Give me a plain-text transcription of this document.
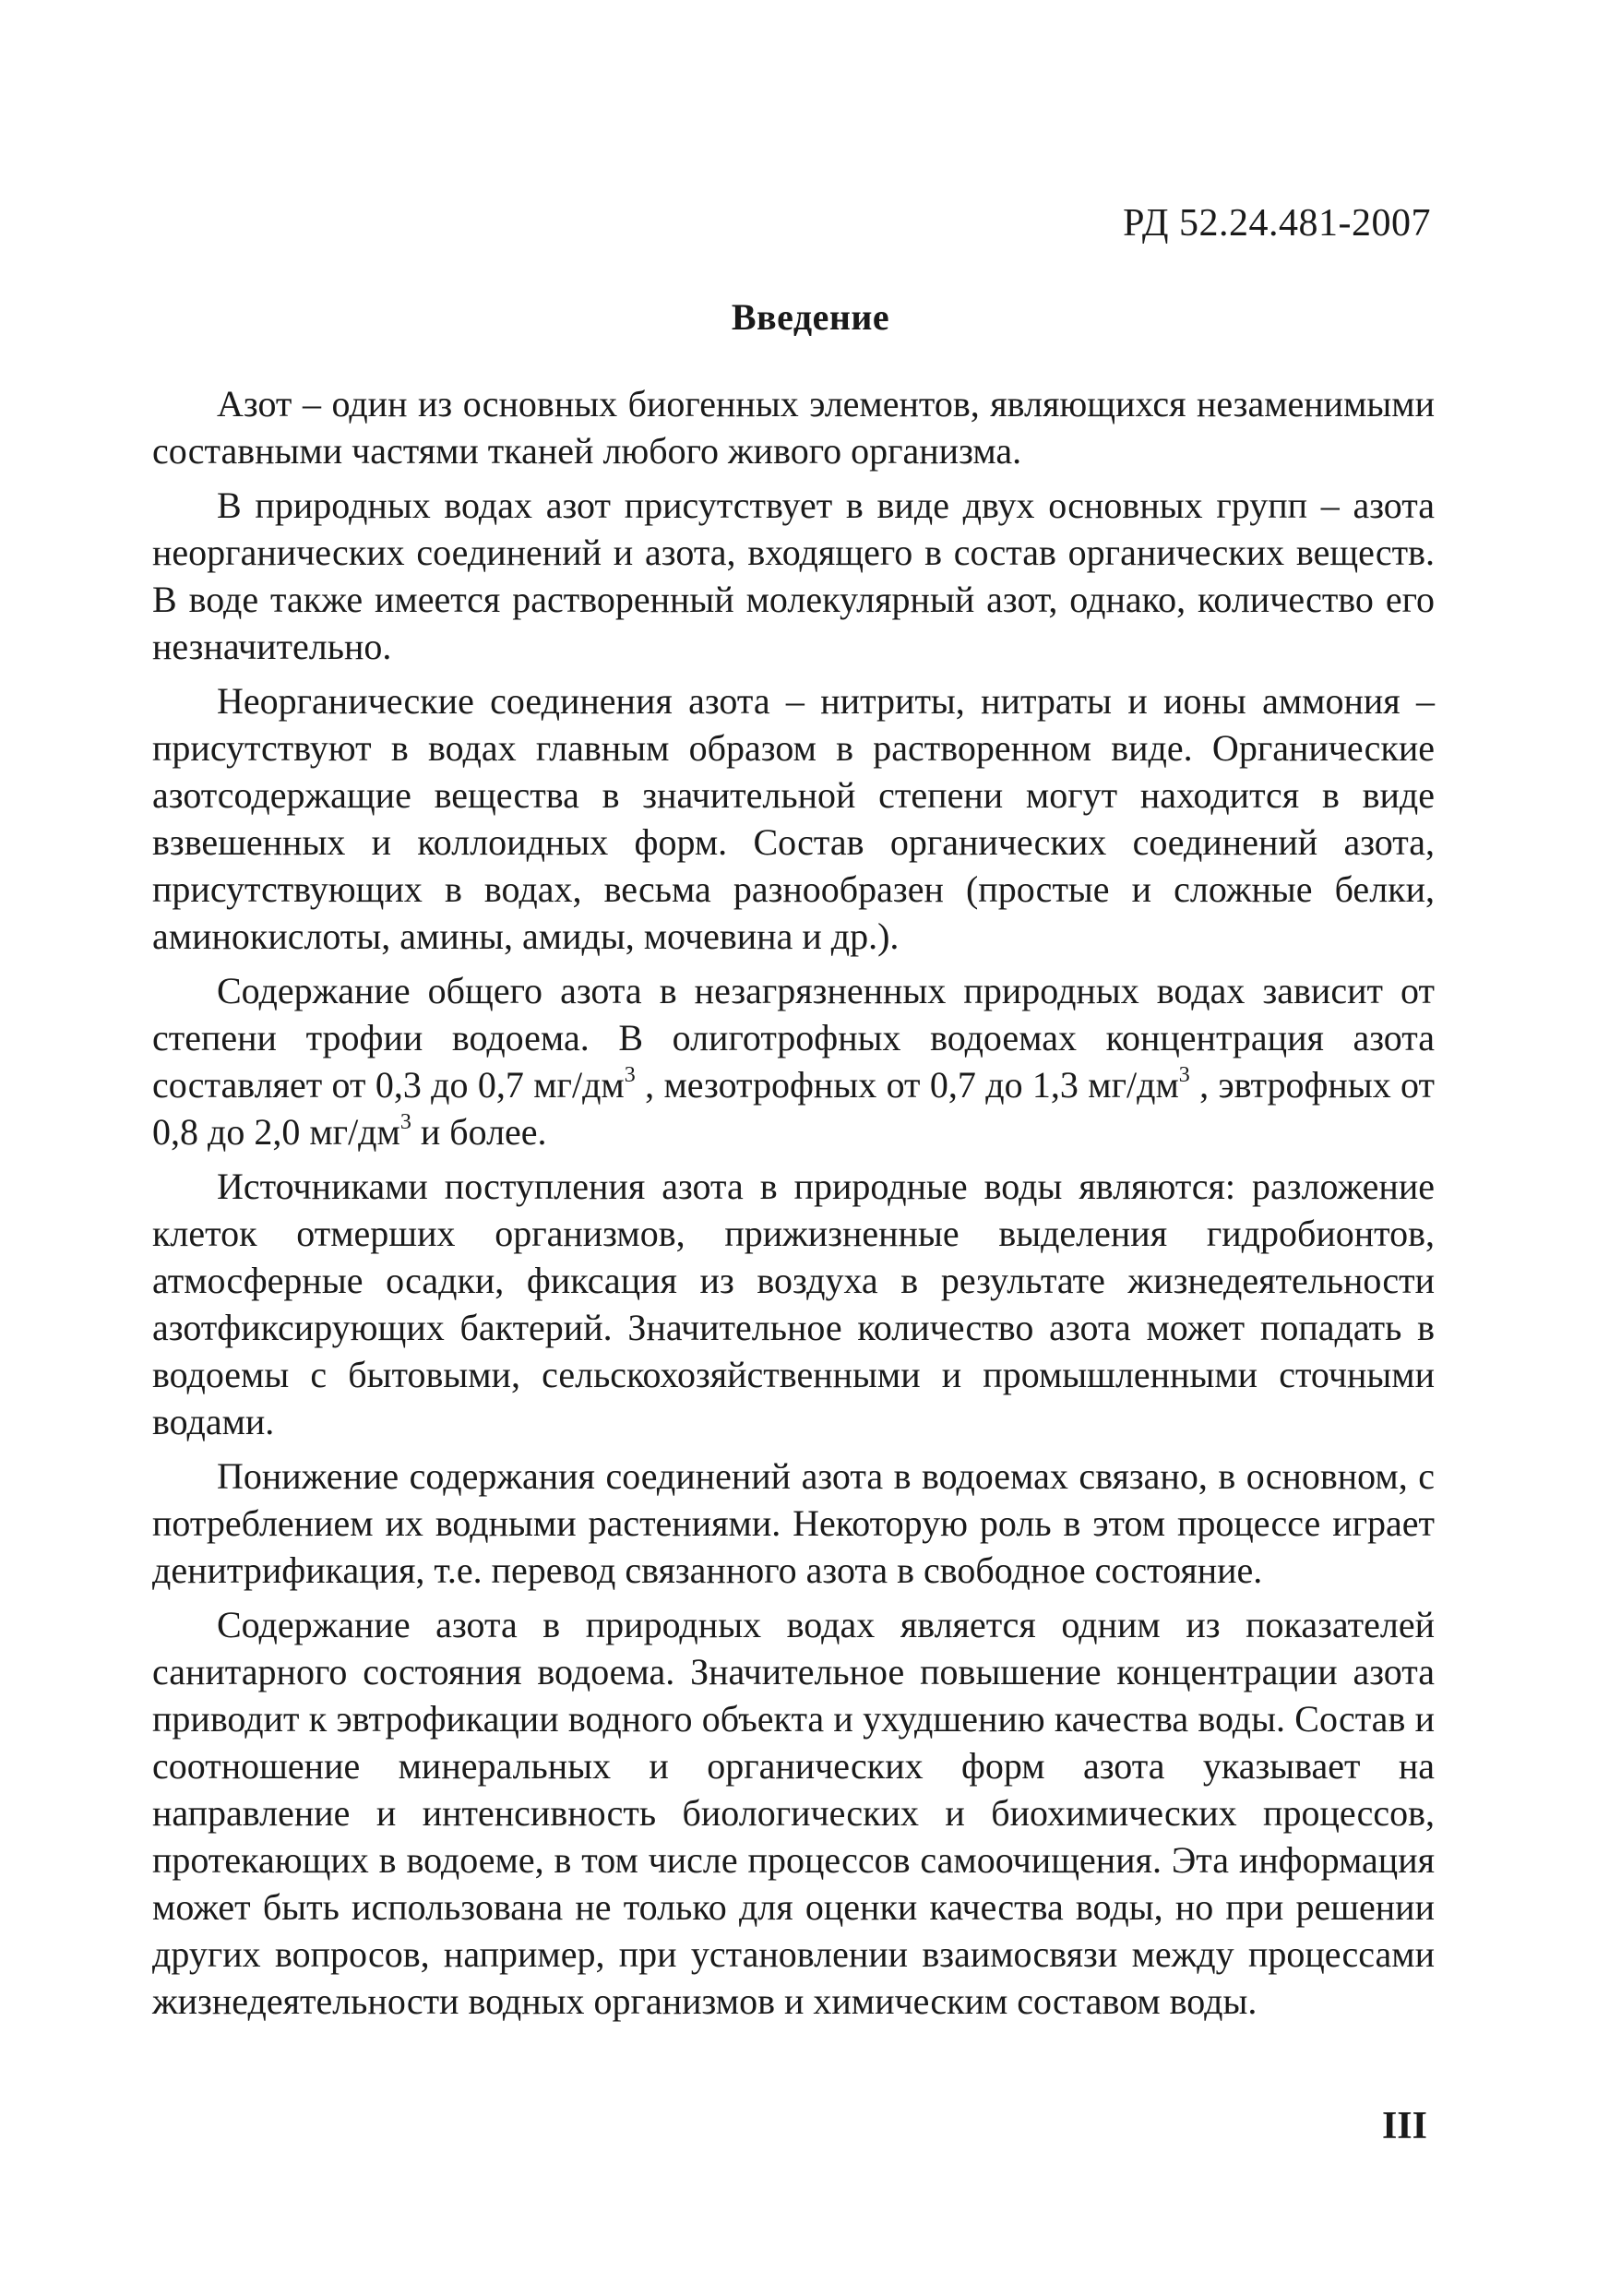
РД 52.24.481-2007
Введение

Азот – один из основных биогенных элементов, являющихся незаменимыми составными частями тканей любого живого организма.

В природных водах азот присутствует в виде двух основных групп – азота неорганических соединений и азота, входящего в состав органических веществ. В воде также имеется растворенный молекулярный азот, однако, количество его незначительно.

Неорганические соединения азота – нитриты, нитраты и ионы аммония – присутствуют в водах главным образом в растворенном виде. Органические азотсодержащие вещества в значительной степени могут находится в виде взвешенных и коллоидных форм. Состав органических соединений азота, присутствующих в водах, весьма разнообразен (простые и сложные белки, аминокислоты, амины, амиды, мочевина и др.).

Содержание общего азота в незагрязненных природных водах зависит от степени трофии водоема. В олиготрофных водоемах концентрация азота составляет от 0,3 до 0,7 $мг/дм^3$ , мезотрофных от 0,7 до 1,3 $мг/дм^3$ , эвтрофных от 0,8 до 2,0 $мг/дм^3$ и более.

Источниками поступления азота в природные воды являются: разложение клеток отмерших организмов, прижизненные выделения гидробионтов, атмосферные осадки, фиксация из воздуха в результате жизнедеятельности азотфиксирующих бактерий. Значительное количество азота может попадать в водоемы с бытовыми, сельскохозяйственными и промышленными сточными водами.

Понижение содержания соединений азота в водоемах связано, в основном, с потреблением их водными растениями. Некоторую роль в этом процессе играет денитрификация, т.е. перевод связанного азота в свободное состояние.

Содержание азота в природных водах является одним из показателей санитарного состояния водоема. Значительное повышение концентрации азота приводит к эвтрофикации водного объекта и ухудшению качества воды. Состав и соотношение минеральных и органических форм азота указывает на направление и интенсивность биологических и биохимических процессов, протекающих в водоеме, в том числе процессов самоочищения. Эта информация может быть использована не только для оценки качества воды, но при решении других вопросов, например, при установлении взаимосвязи между процессами жизнедеятельности водных организмов и химическим составом воды.

III
